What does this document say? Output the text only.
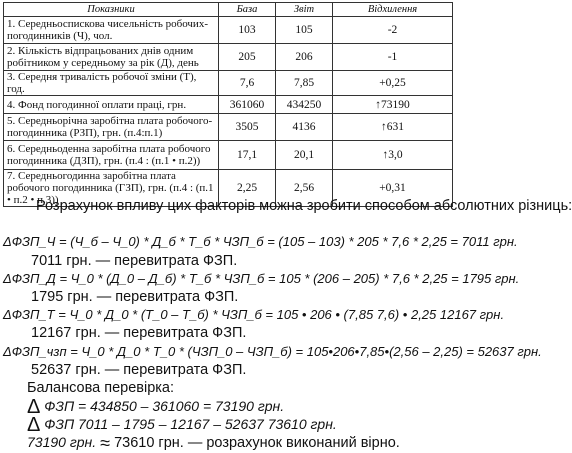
Показники	База	Звіт	Відхилення
1. Середньоспискова чисельність робочих-погодинників (Ч), чол.	103	105	-2
2. Кількість відпрацьованих днів одним робітником у середньому за рік (Д), день	205	206	-1
3. Середня тривалість робочої зміни (Т), год.	7,6	7,85	+0,25
4. Фонд погодинної оплати праці, грн.	361060	434250	↑73190
5. Середньорічна заробітна плата робочого-погодинника (РЗП), грн. (п.4:п.1)	3505	4136	↑631
6. Середньоденна заробітна плата робочого погодинника (ДЗП), грн. (п.4 : (п.1 • п.2))	17,1	20,1	↑3,0
7. Середньогодинна заробітна плата робочого погодинника (ГЗП), грн. (п.4 : (п.1 • п.2 • п.3))	2,25	2,56	+0,31
Розрахунок впливу цих факторів можна зробити способом абсолютних різниць:
ΔФЗП_Ч = (Ч_б – Ч_0) * Д_б * Т_б * ЧЗП_б = (105 – 103) * 205 * 7,6 * 2,25 = 7011 грн.
7011 грн. — перевитрата ФЗП.
ΔФЗП_Д = Ч_0 * (Д_0 – Д_б) * Т_б * ЧЗП_б = 105 * (206 – 205) * 7,6 * 2,25 = 1795 грн.
1795 грн. — перевитрата ФЗП.
ΔФЗП_Т = Ч_0 * Д_0 * (Т_0 – Т_б) * ЧЗП_б = 105 • 206 • (7,85 7,6) • 2,25 12167 грн.
12167 грн. — перевитрата ФЗП.
ΔФЗП_чзп = Ч_0 * Д_0 * Т_0 * (ЧЗП_0 – ЧЗП_б) = 105•206•7,85•(2,56 – 2,25) = 52637 грн.
52637 грн. — перевитрата ФЗП.
Балансова перевірка:
Δ ФЗП = 434850 – 361060 = 73190 грн.
Δ ФЗП 7011 – 1795 – 12167 – 52637 73610 грн.
73190 грн. ≈ 73610 грн. — розрахунок виконаний вірно.
